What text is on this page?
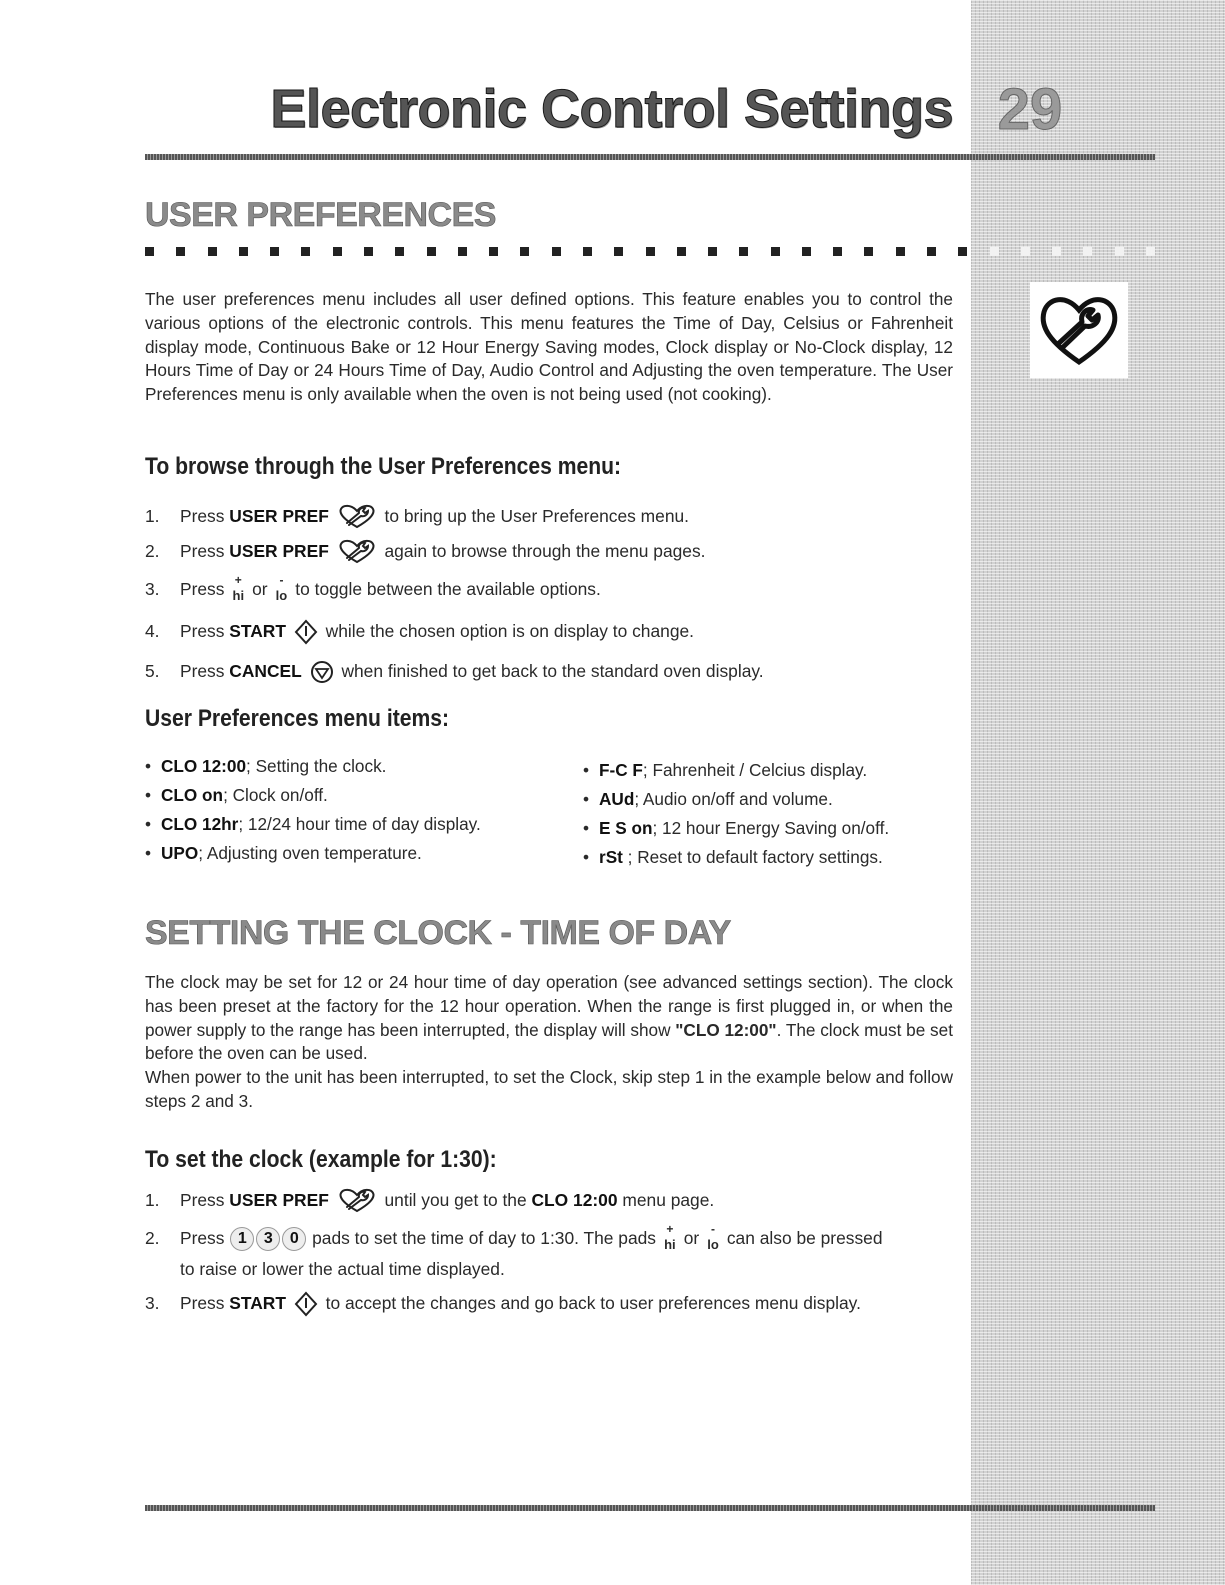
Electronic Control Settings 29
USER PREFERENCES

The user preferences menu includes all user defined options. This feature enables you to control the various options of the electronic controls. This menu features the Time of Day, Celsius or Fahrenheit display mode, Continuous Bake or 12 Hour Energy Saving modes, Clock display or No-Clock display, 12 Hours Time of Day or 24 Hours Time of Day, Audio Control and Adjusting the oven temperature. The User Preferences menu is only available when the oven is not being used (not cooking).

To browse through the User Preferences menu:
1.	Press USER PREF	to bring up the User Preferences menu.
2.	Press USER PREF	again to browse through the menu pages.
3.	Press +
hi or -
lo to toggle between the available options.
4.	Press START while the chosen option is on display to change.
5.	Press CANCEL when finished to get back to the standard oven display.
User Preferences menu items:
• CLO 12:00; Setting the clock.
• CLO on; Clock on/off.
• CLO 12hr; 12/24 hour time of day display.
• UPO; Adjusting oven temperature.
• F-C F; Fahrenheit / Celcius display.
• AUd; Audio on/off and volume.
• E S on; 12 hour Energy Saving on/off.
• rSt ; Reset to default factory settings.
SETTING THE CLOCK - TIME OF DAY
The clock may be set for 12 or 24 hour time of day operation (see advanced settings section). The clock has been preset at the factory for the 12 hour operation. When the range is first plugged in, or when the power supply to the range has been interrupted, the display will show "CLO 12:00". The clock must be set before the oven can be used.
When power to the unit has been interrupted, to set the Clock, skip step 1 in the example below and follow steps 2 and 3.
To set the clock (example for 1:30):
1.	Press USER PREF	until you get to the CLO 12:00 menu page.
2.	Press 1 3 0 pads to set the time of day to 1:30. The pads +
hi or -
lo can also be pressed
to raise or lower the actual time displayed.
3.	Press START to accept the changes and go back to user preferences menu display.
